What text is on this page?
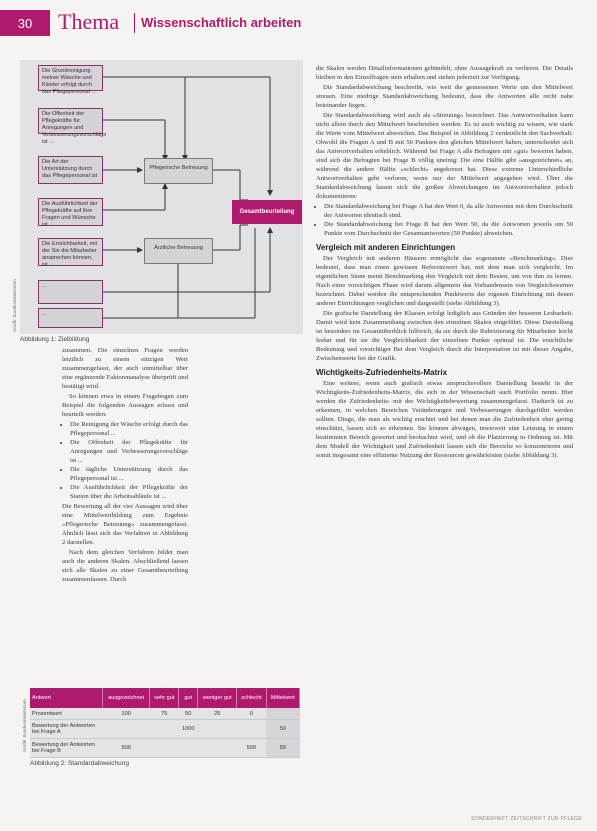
30	Thema Wissenschaftlich arbeiten
Die Grundreinigung meiner Wäsche und Kleider erfolgt durch das Pflegepersonal ...
Die Offenheit der Pflegekräfte für Anregungen und Verbesserungsvorschläge ist ...
Die Art der Unterstützung durch das Pflegepersonal ist ...
Die Ausführlichkeit der Pflegekräfte auf Ihre Fragen und Wünsche ist ...
Die Erreichbarkeit, mit der Sie die Mitarbeiter ansprechen können, ist ...
...
...
Pflegerische Betreuung
Ärztliche Betreuung
Gesamtbeurteilung
Grafik: Bundesministerium
Abbildung 1: Zielbildung

zusammen. Die einzelnen Fragen werden letztlich zu einem einzigen Wert zusammengefasst, der auch unmittelbar über eine ergänzende Faktorenanalyse überprüft und bestätigt wird.

So können etwa in einem Fragebogen zum Beispiel die folgenden Aussagen erfasst und beurteilt werden:

• Die Reinigung der Wäsche erfolgt durch das Pflegepersonal ...
• Die Offenheit der Pflegekräfte für Anregungen und Verbesserungsvorschläge ist ...
• Die tägliche Unterstützung durch das Pflegepersonal ist ...
• Die Ausführlichkeit der Pflegekräfte der Station über die Arbeitsabläufe ist ...

Die Bewertung all der vier Aussagen wird über eine Mittelwertbildung zum Ergebnis »Pflegerische Betreuung« zusammengefasst. Ähnlich lässt sich das Verfahren in Abbildung 2 darstellen.

Nach dem gleichen Verfahren bildet man auch die anderen Skalen. Abschließend lassen sich alle Skalen zu einer Gesamtbeurteilung zusammenfassen. Durch

Antwort	ausgezeichnet	sehr gut	gut	weniger gut	schlecht	Mittelwert
Prozentwert	100	75	50	25	0	
Bewertung der Antworten bei Frage A			1000			50
Bewertung der Antworten bei Frage B	500				500	50
Grafik: Bundesministerium
Abbildung 2: Standardabweichung

die Skalen werden Detailinformationen gebündelt, ohne Aussagekraft zu verlieren. Die Details bleiben in den Einzelfragen stets erhalten und stehen jederzeit zur Verfügung.

Die Standardabweichung beschreibt, wie weit die gemessenen Werte um den Mittelwert streuen. Eine niedrige Standardabweichung bedeutet, dass die Antworten alle recht nahe beieinander liegen.

Die Standardabweichung wird auch als »Streuung« bezeichnet. Das Antwortverhalten kann nicht allein durch den Mittelwert beschrieben werden. Es ist auch wichtig zu wissen, wie stark die Werte vom Mittelwert abweichen. Das Beispiel in Abbildung 2 verdeutlicht den Sachverhalt: Obwohl die Fragen A und B mit 50 Punkten den gleichen Mittelwert haben, unterscheidet sich das Antwortverhalten erheblich. Während bei Frage A alle Befragten mit »gut« bewertet haben, sind sich die Befragten bei Frage B völlig uneinig: Die eine Hälfte gibt »ausgezeichnet« an, während die andere Hälfte »schlecht« angekreuzt hat. Diese extreme Unterschiedliche Antwortverhalten geht verloren, wenn nur der Mittelwert angegeben wird. Über die Standardabweichung lassen sich die großen Abweichungen im Antwortverhalten jedoch dokumentieren:

• Die Standardabweichung bei Frage A hat den Wert 0, da alle Antworten mit dem Durchschnitt der Antworten identisch sind.
• Die Standardabweichung bei Frage B hat den Wert 50, da die Antworten jeweils um 50 Punkte vom Durchschnitt der Gesamtantworten (50 Punkte) abweichen.
Vergleich mit anderen Einrichtungen

Der Vergleich mit anderen Häusern ermöglicht das sogenannte »Benchmarking«. Dies bedeutet, dass man einen gewissen Referenzwert hat, mit dem man sich vergleicht. Im eigentlichen Sinne meint Benchmarking den Vergleich mit dem Besten, um von ihm zu lernen. Nach einer vorsichtigen Phase wird darum allgemein das Vorhandensein von Vergleichswerten bezeichnet. Dabei werden die entsprechenden Punktwerte der eigenen Einrichtung mit denen anderer Einrichtungen verglichen und dargestellt (siehe Abbildung 3).

Die grafische Darstellung der Klassen erfolgt lediglich aus Gründen der besseren Lesbarkeit. Damit wird kein Zusammenhang zwischen den einzelnen Skalen eingeführt. Diese Darstellung ist besonders im Gesamtüberblick hilfreich, da sie durch die Rubrizierung für Mitarbeiter leicht lesbar und für sie die Vergleichbarkeit der einzelnen Punkte optimal ist. Die ersichtliche Bedeutung und vorsichtiger Bei dem Vergleich durch die Interpretation ist mit dieser Angabe, Zwischenwerte bei der Grafik.

Wichtigkeits-Zufriedenheits-Matrix

Eine weitere, wenn auch grafisch etwas anspruchsvollere Darstellung besteht in der Wichtigkeits-Zufriedenheits-Matrix, die sich in der Wissenschaft auch Portfolio nennt. Hier werden die Zufriedenheits- mit der Wichtigkeitsbewertung zusammengefasst. Dadurch ist zu erkennen, in welchen Bereichen Veränderungen und Verbesserungen durchgeführt werden sollten. Dinge, die man als wichtig erachtet und bei denen man die Zufriedenheit eher gering einschätzt, lassen sich so erkennen. Sie können abwägen, inwieweit eine Leistung in einem bestimmten Bereich gewertet und beobachtet wird, und ob die Platzierung in Ordnung ist. Mit dem Modell der Wichtigkeit und Zufriedenheit lassen sich die Bereiche so konzentrieren und somit insgesamt eine effiziente Nutzung der Ressourcen gewährleisten (siehe Abbildung 3).

SONDERHEFT ZEITSCHRIFT ZUR PFLEGE
